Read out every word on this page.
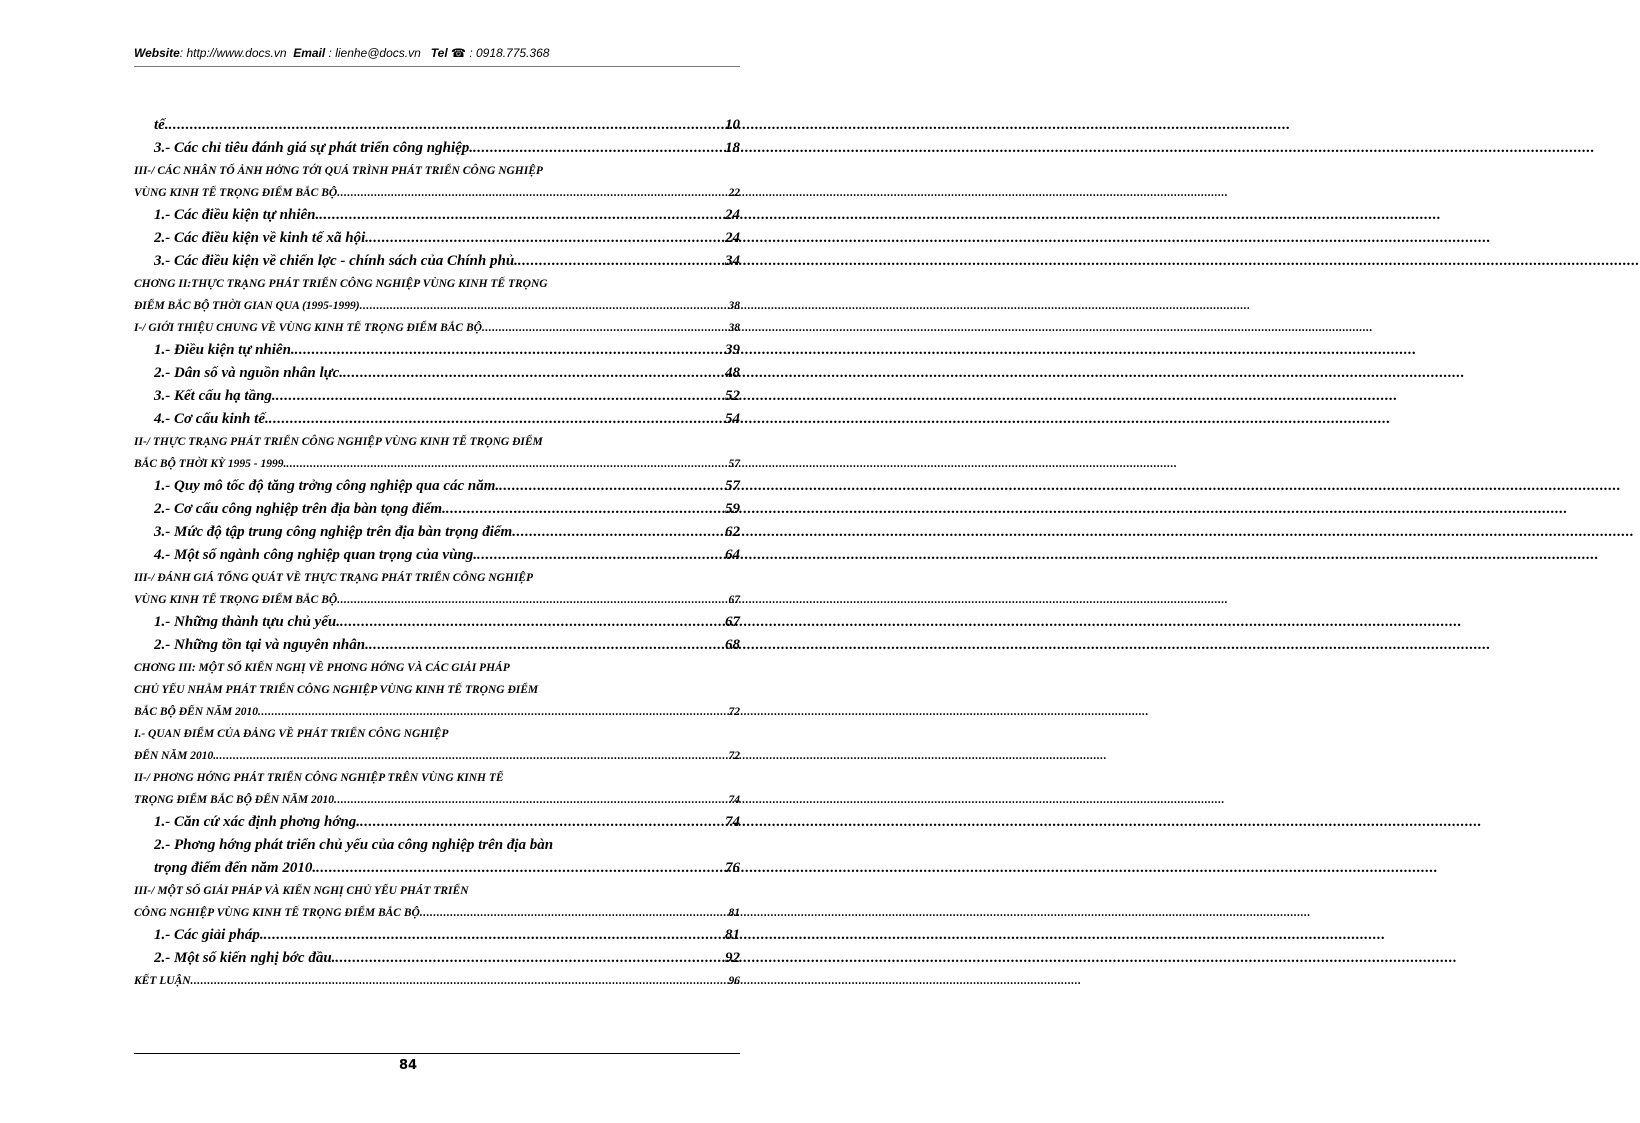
Website: http://www.docs.vn Email : lienhe@docs.vn Tel ☎ : 0918.775.368
tế. .....	10
3.- Các chỉ tiêu đánh giá sự phát triển công nghiệp. .....	18
III-/ CÁC NHÂN TỐ ẢNH HỞNG TỚI QUÁ TRÌNH PHÁT TRIỂN CÔNG NGHIỆP
VÙNG KINH TẾ TRỌNG ĐIỂM BẮC BỘ .....	22
1.- Các điều kiện tự nhiên. .....	24
2.- Các điều kiện về kinh tế xã hội. .....	24
3.- Các điều kiện về chiến lợc - chính sách của Chính phủ. .....	34
CHƠNG II:THỰC TRẠNG PHÁT TRIỂN CÔNG NGHIỆP VÙNG KINH TẾ TRỌNG
ĐIỂM BẮC BỘ THỜI GIAN QUA (1995-1999) .....	38
I-/ GIỚI THIỆU CHUNG VỀ VÙNG KINH TẾ TRỌNG ĐIỂM BẮC BỘ .....	38
1.- Điều kiện tự nhiên. .....	39
2.- Dân số và nguồn nhân lực. .....	48
3.- Kết cấu hạ tầng. .....	52
4.- Cơ cấu kinh tế. .....	54
II-/ THỰC TRẠNG PHÁT TRIỂN CÔNG NGHIỆP VÙNG KINH TẾ TRỌNG ĐIỂM
BẮC BỘ THỜI KỲ 1995 - 1999. .....	57
1.- Quy mô tốc độ tăng trởng công nghiệp qua các năm. .....	57
2.- Cơ cấu công nghiệp trên địa bàn tọng điểm. .....	59
3.- Mức độ tập trung công nghiệp trên địa bàn trọng điểm .....	62
4.- Một số ngành công nghiệp quan trọng của vùng. .....	64
III-/ ĐÁNH GIÁ TỔNG QUÁT VỀ THỰC TRẠNG PHÁT TRIỂN CÔNG NGHIỆP
VÙNG KINH TẾ TRỌNG ĐIỂM BẮC BỘ .....	67
1.- Những thành tựu chủ yếu. .....	67
2.- Những tồn tại và nguyên nhân. .....	68
CHƠNG III: MỘT SỐ KIẾN NGHỊ VỀ PHƠNG HỚNG VÀ CÁC GIẢI PHÁP
CHỦ YẾU NHẰM PHÁT TRIỂN CÔNG NGHIỆP VÙNG KINH TẾ TRỌNG ĐIỂM
BẮC BỘ ĐẾN NĂM 2010 .....	72
I.- QUAN ĐIỂM CỦA ĐẢNG VỀ PHÁT TRIỂN CÔNG NGHIỆP
ĐẾN NĂM 2010. .....	72
II-/ PHƠNG HỚNG PHÁT TRIỂN CÔNG NGHIỆP TRÊN VÙNG KINH TẾ
TRỌNG ĐIỂM BẮC BỘ ĐẾN NĂM 2010 .....	74
1.- Căn cứ xác định phơng hớng. .....	74
2.- Phơng hớng phát triển chủ yếu của công nghiệp trên địa bàn
trọng điểm đến năm 2010. .....	76
III-/ MỘT SỐ GIẢI PHÁP VÀ KIẾN NGHỊ CHỦ YẾU PHÁT TRIỂN
CÔNG NGHIỆP VÙNG KINH TẾ TRỌNG ĐIỂM BẮC BỘ .....	81
1.- Các giải pháp. .....	81
2.- Một số kiến nghị bớc đầu. .....	92
KẾT LUẬN .....	96
84
